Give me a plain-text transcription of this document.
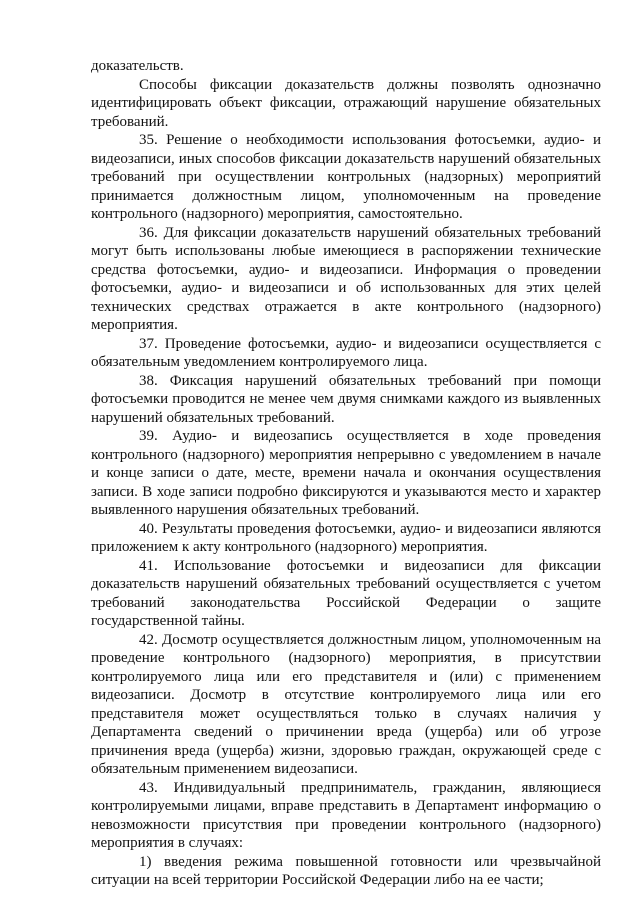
доказательств.

Способы фиксации доказательств должны позволять однозначно идентифицировать объект фиксации, отражающий нарушение обязательных требований.

35. Решение о необходимости использования фотосъемки, аудио- и видеозаписи, иных способов фиксации доказательств нарушений обязательных требований при осуществлении контрольных (надзорных) мероприятий принимается должностным лицом, уполномоченным на проведение контрольного (надзорного) мероприятия, самостоятельно.

36. Для фиксации доказательств нарушений обязательных требований могут быть использованы любые имеющиеся в распоряжении технические средства фотосъемки, аудио- и видеозаписи. Информация о проведении фотосъемки, аудио- и видеозаписи и об использованных для этих целей технических средствах отражается в акте контрольного (надзорного) мероприятия.

37. Проведение фотосъемки, аудио- и видеозаписи осуществляется с обязательным уведомлением контролируемого лица.

38. Фиксация нарушений обязательных требований при помощи фотосъемки проводится не менее чем двумя снимками каждого из выявленных нарушений обязательных требований.

39. Аудио- и видеозапись осуществляется в ходе проведения контрольного (надзорного) мероприятия непрерывно с уведомлением в начале и конце записи о дате, месте, времени начала и окончания осуществления записи. В ходе записи подробно фиксируются и указываются место и характер выявленного нарушения обязательных требований.

40. Результаты проведения фотосъемки, аудио- и видеозаписи являются приложением к акту контрольного (надзорного) мероприятия.

41. Использование фотосъемки и видеозаписи для фиксации доказательств нарушений обязательных требований осуществляется с учетом требований законодательства Российской Федерации о защите государственной тайны.

42. Досмотр осуществляется должностным лицом, уполномоченным на проведение контрольного (надзорного) мероприятия, в присутствии контролируемого лица или его представителя и (или) с применением видеозаписи. Досмотр в отсутствие контролируемого лица или его представителя может осуществляться только в случаях наличия у Департамента сведений о причинении вреда (ущерба) или об угрозе причинения вреда (ущерба) жизни, здоровью граждан, окружающей среде с обязательным применением видеозаписи.

43. Индивидуальный предприниматель, гражданин, являющиеся контролируемыми лицами, вправе представить в Департамент информацию о невозможности присутствия при проведении контрольного (надзорного) мероприятия в случаях:

1) введения режима повышенной готовности или чрезвычайной ситуации на всей территории Российской Федерации либо на ее части;
